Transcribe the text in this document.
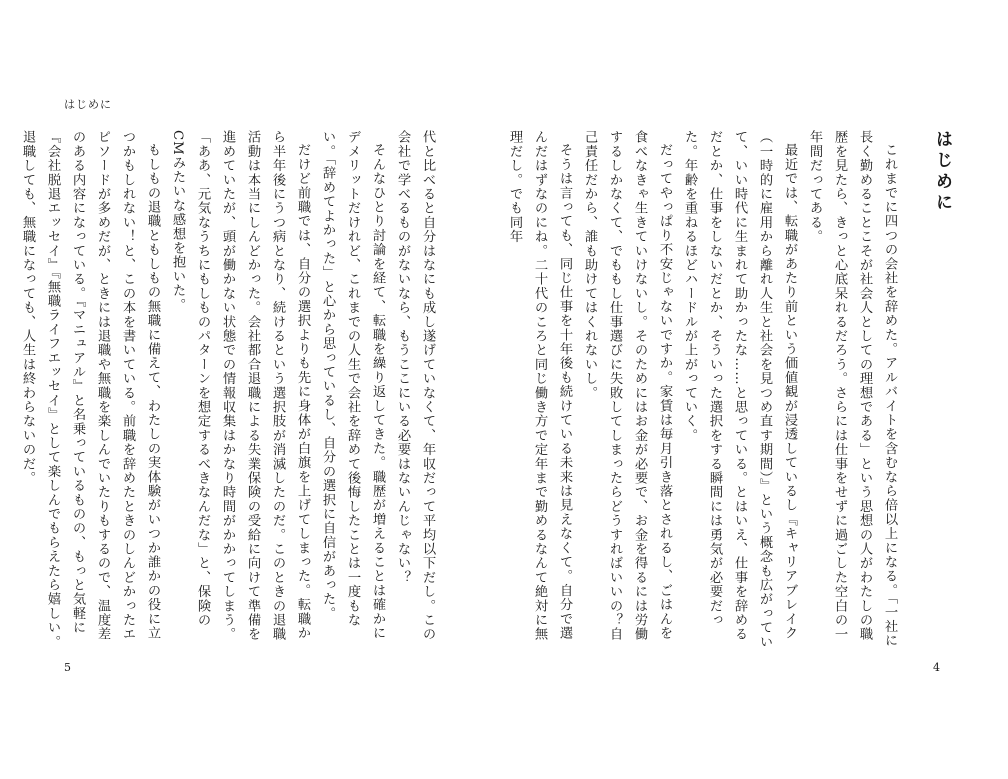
はじめに

代と比べると自分はなにも成し遂げていなくて、年収だって平均以下だし。この会社で学べるものがないなら、もうここにいる必要はないんじゃない？

そんなひとり討論を経て、転職を繰り返してきた。職歴が増えることは確かにデメリットだけれど、これまでの人生で会社を辞めて後悔したことは一度もない。「辞めてよかった」と心から思っているし、自分の選択に自信があった。

だけど前職では、自分の選択よりも先に身体が白旗を上げてしまった。転職から半年後にうつ病となり、続けるという選択肢が消滅したのだ。このときの退職活動は本当にしんどかった。会社都合退職による失業保険の受給に向けて準備を進めていたが、頭が働かない状態での情報収集はかなり時間がかかってしまう。「ああ、元気なうちにもしものパターンを想定するべきなんだな」と、保険のCMみたいな感想を抱いた。

もしもの退職ともしもの無職に備えて、わたしの実体験がいつか誰かの役に立つかもしれない！と、この本を書いている。前職を辞めたときのしんどかったエピソードが多めだが、ときには退職や無職を楽しんでいたりもするので、温度差のある内容になっている。『マニュアル』と名乗っているものの、もっと気軽に『会社脱退エッセイ』『無職ライフエッセイ』として楽しんでもらえたら嬉しい。

退職しても、無職になっても、人生は終わらないのだ。

5
はじめに

これまでに四つの会社を辞めた。アルバイトを含むなら倍以上になる。「一社に長く勤めることこそが社会人としての理想である」という思想の人がわたしの職歴を見たら、きっと心底呆れるだろう。さらには仕事をせずに過ごした空白の一年間だってある。

最近では、転職があたり前という価値観が浸透しているし『キャリアブレイク（一時的に雇用から離れ人生と社会を見つめ直す期間）』という概念も広がっていて、いい時代に生まれて助かったな……と思っている。とはいえ、仕事を辞めるだとか、仕事をしないだとか、そういった選択をする瞬間には勇気が必要だった。年齢を重ねるほどハードルが上がっていく。

だってやっぱり不安じゃないですか。家賃は毎月引き落とされるし、ごはんを食べなきゃ生きていけないし。そのためにはお金が必要で、お金を得るには労働するしかなくて、でももし仕事選びに失敗してしまったらどうすればいいの？自己責任だから、誰も助けてはくれないし。

そうは言っても、同じ仕事を十年後も続けている未来は見えなくて。自分で選んだはずなのにね。二十代のころと同じ働き方で定年まで勤めるなんて絶対に無理だし。でも同年

4
